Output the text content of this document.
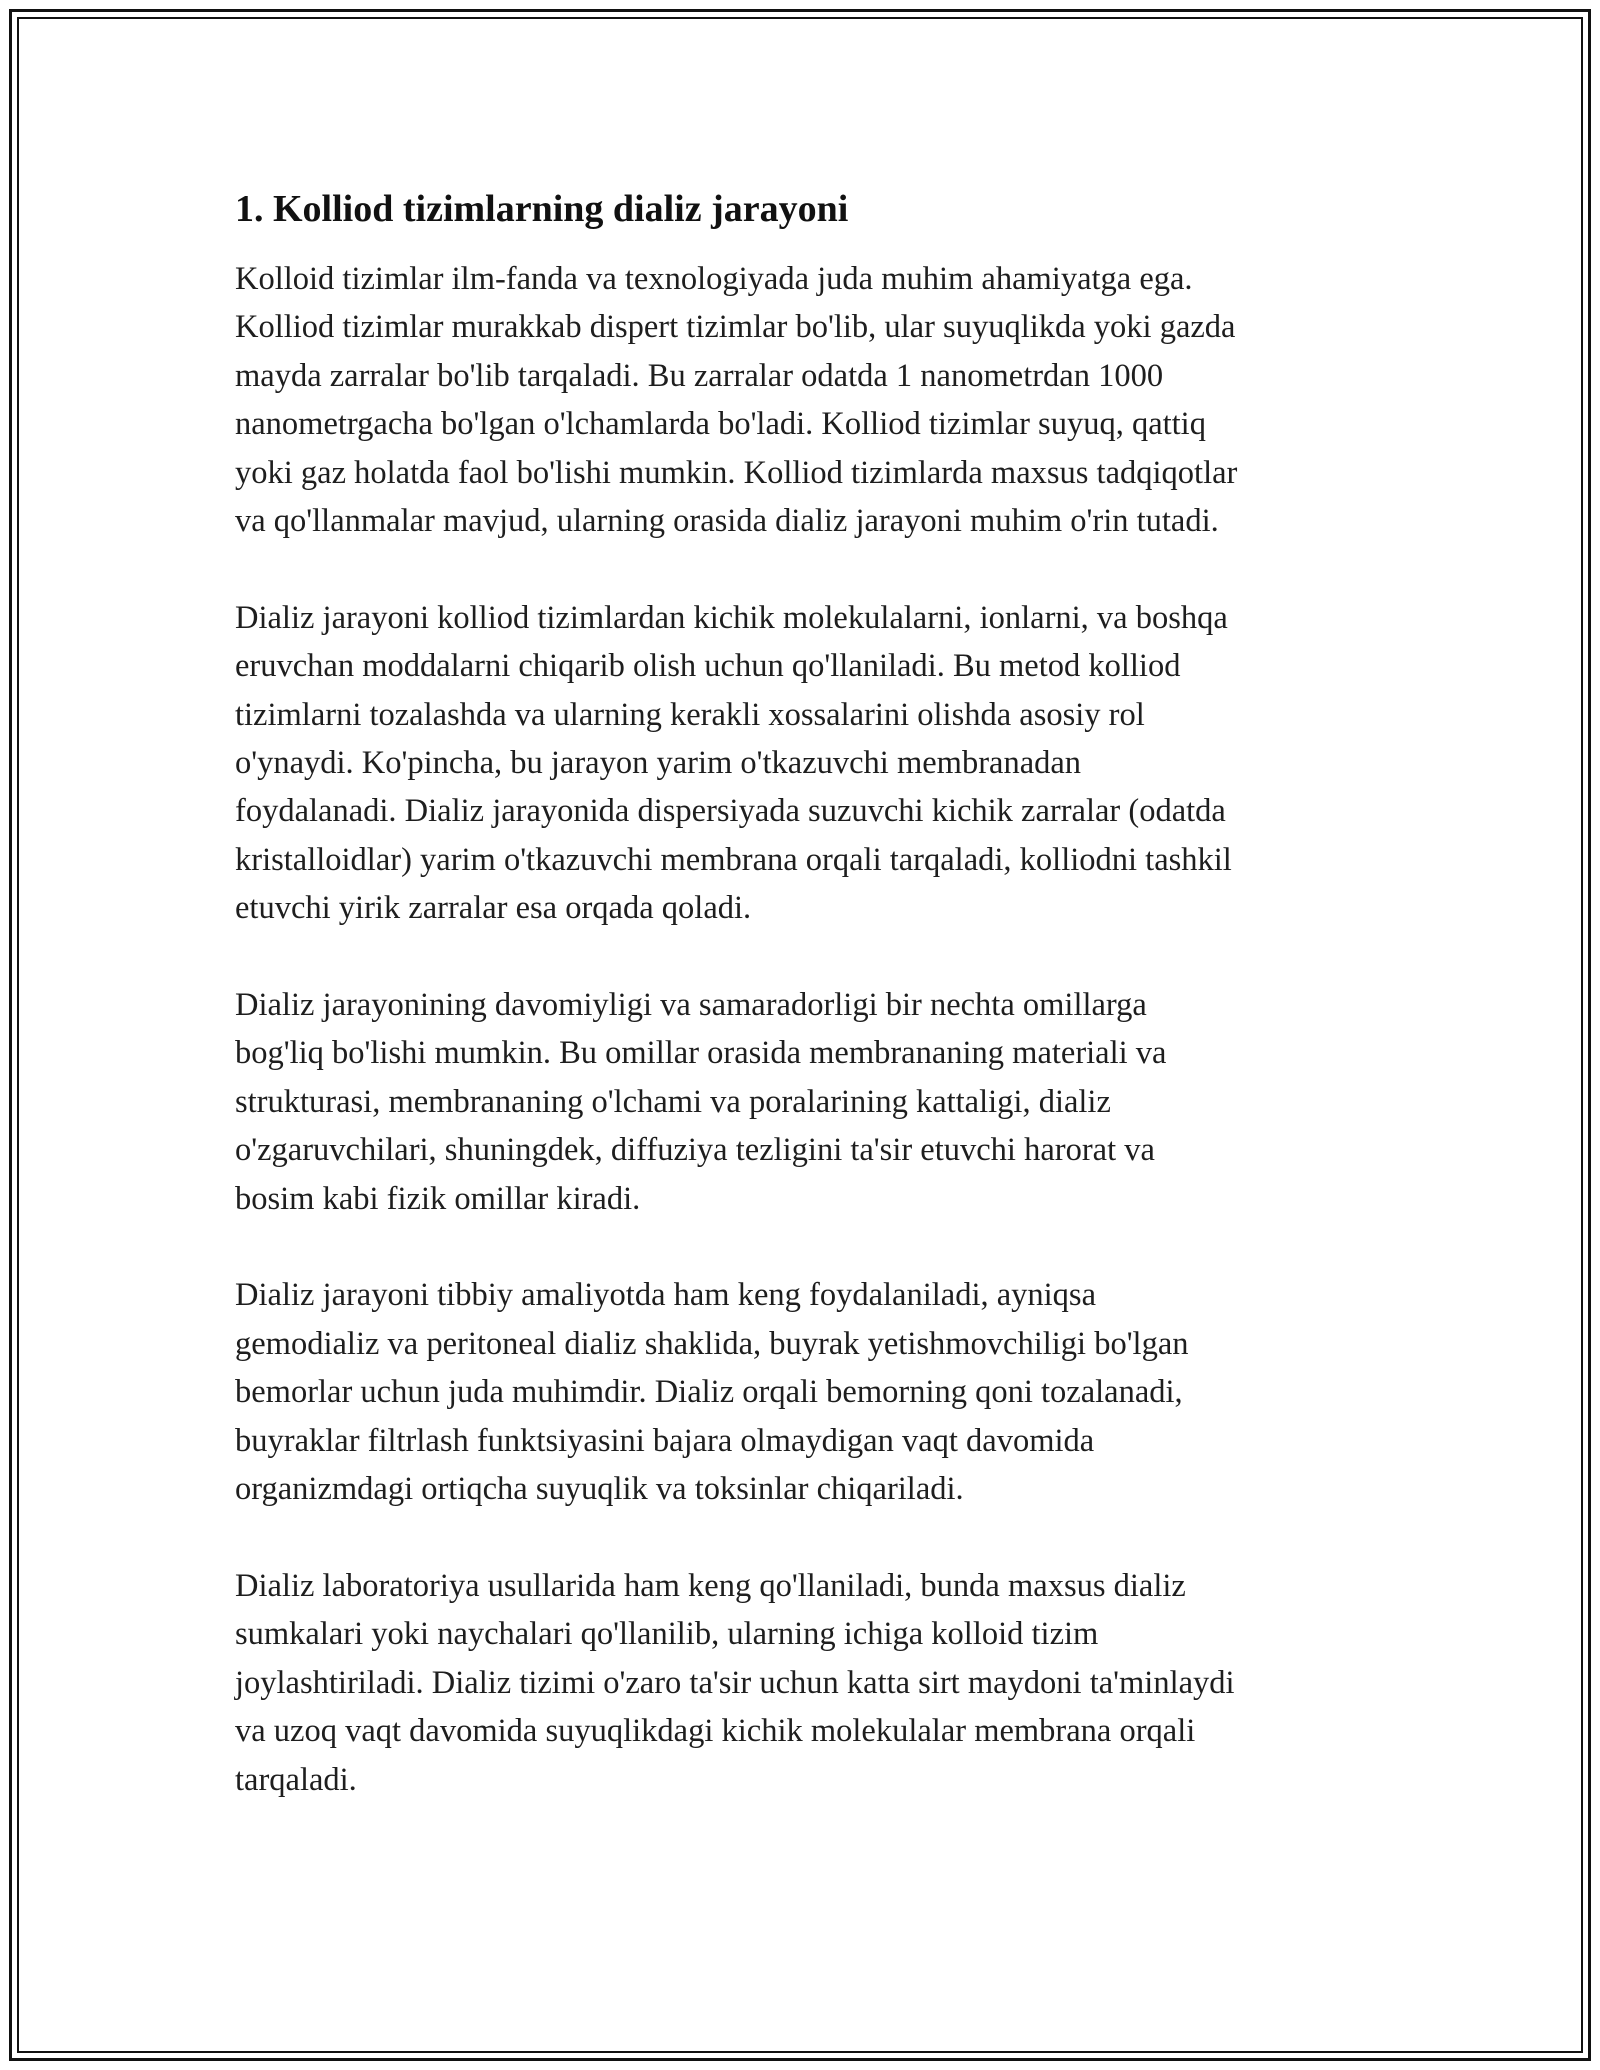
1. Kolliod tizimlarning dializ jarayoni

Kolloid tizimlar ilm-fanda va texnologiyada juda muhim ahamiyatga ega.
Kolliod tizimlar murakkab dispert tizimlar bo'lib, ular suyuqlikda yoki gazda
mayda zarralar bo'lib tarqaladi. Bu zarralar odatda 1 nanometrdan 1000
nanometrgacha bo'lgan o'lchamlarda bo'ladi. Kolliod tizimlar suyuq, qattiq
yoki gaz holatda faol bo'lishi mumkin. Kolliod tizimlarda maxsus tadqiqotlar
va qo'llanmalar mavjud, ularning orasida dializ jarayoni muhim o'rin tutadi.

Dializ jarayoni kolliod tizimlardan kichik molekulalarni, ionlarni, va boshqa
eruvchan moddalarni chiqarib olish uchun qo'llaniladi. Bu metod kolliod
tizimlarni tozalashda va ularning kerakli xossalarini olishda asosiy rol
o'ynaydi. Ko'pincha, bu jarayon yarim o'tkazuvchi membranadan
foydalanadi. Dializ jarayonida dispersiyada suzuvchi kichik zarralar (odatda
kristalloidlar) yarim o'tkazuvchi membrana orqali tarqaladi, kolliodni tashkil
etuvchi yirik zarralar esa orqada qoladi.

Dializ jarayonining davomiyligi va samaradorligi bir nechta omillarga
bog'liq bo'lishi mumkin. Bu omillar orasida membrananing materiali va
strukturasi, membrananing o'lchami va poralarining kattaligi, dializ
o'zgaruvchilari, shuningdek, diffuziya tezligini ta'sir etuvchi harorat va
bosim kabi fizik omillar kiradi.

Dializ jarayoni tibbiy amaliyotda ham keng foydalaniladi, ayniqsa
gemodializ va peritoneal dializ shaklida, buyrak yetishmovchiligi bo'lgan
bemorlar uchun juda muhimdir. Dializ orqali bemorning qoni tozalanadi,
buyraklar filtrlash funktsiyasini bajara olmaydigan vaqt davomida
organizmdagi ortiqcha suyuqlik va toksinlar chiqariladi.

Dializ laboratoriya usullarida ham keng qo'llaniladi, bunda maxsus dializ
sumkalari yoki naychalari qo'llanilib, ularning ichiga kolloid tizim
joylashtiriladi. Dializ tizimi o'zaro ta'sir uchun katta sirt maydoni ta'minlaydi
va uzoq vaqt davomida suyuqlikdagi kichik molekulalar membrana orqali
tarqaladi.
